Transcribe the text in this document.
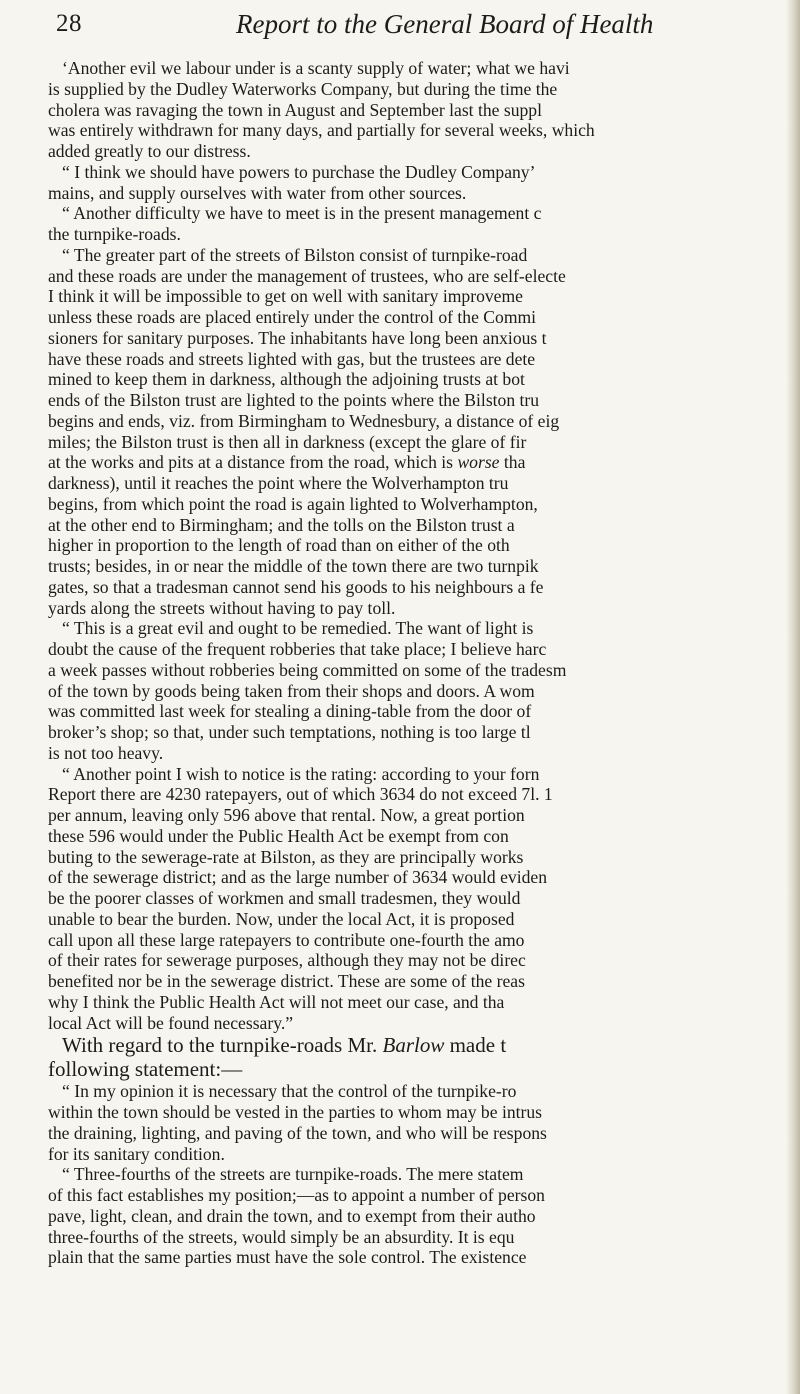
28	Report to the General Board of Health
‘Another evil we labour under is a scanty supply of water; what we havi
is supplied by the Dudley Waterworks Company, but during the time the
cholera was ravaging the town in August and September last the suppl
was entirely withdrawn for many days, and partially for several weeks, which
added greatly to our distress.
“ I think we should have powers to purchase the Dudley Company’
mains, and supply ourselves with water from other sources.
“ Another difficulty we have to meet is in the present management c
the turnpike-roads.
“ The greater part of the streets of Bilston consist of turnpike-road
and these roads are under the management of trustees, who are self-electe
I think it will be impossible to get on well with sanitary improveme
unless these roads are placed entirely under the control of the Commi
sioners for sanitary purposes. The inhabitants have long been anxious t
have these roads and streets lighted with gas, but the trustees are dete
mined to keep them in darkness, although the adjoining trusts at bot
ends of the Bilston trust are lighted to the points where the Bilston tru
begins and ends, viz. from Birmingham to Wednesbury, a distance of eig
miles; the Bilston trust is then all in darkness (except the glare of fir
at the works and pits at a distance from the road, which is worse tha
darkness), until it reaches the point where the Wolverhampton tru
begins, from which point the road is again lighted to Wolverhampton,
at the other end to Birmingham; and the tolls on the Bilston trust a
higher in proportion to the length of road than on either of the oth
trusts; besides, in or near the middle of the town there are two turnpik
gates, so that a tradesman cannot send his goods to his neighbours a fe
yards along the streets without having to pay toll.
“ This is a great evil and ought to be remedied. The want of light is
doubt the cause of the frequent robberies that take place; I believe harc
a week passes without robberies being committed on some of the tradesm
of the town by goods being taken from their shops and doors. A wom
was committed last week for stealing a dining-table from the door of
broker’s shop; so that, under such temptations, nothing is too large tl
is not too heavy.
“ Another point I wish to notice is the rating: according to your forn
Report there are 4230 ratepayers, out of which 3634 do not exceed 7l. 1
per annum, leaving only 596 above that rental. Now, a great portion
these 596 would under the Public Health Act be exempt from con
buting to the sewerage-rate at Bilston, as they are principally works
of the sewerage district; and as the large number of 3634 would eviden
be the poorer classes of workmen and small tradesmen, they would
unable to bear the burden. Now, under the local Act, it is proposed
call upon all these large ratepayers to contribute one-fourth the amo
of their rates for sewerage purposes, although they may not be direc
benefited nor be in the sewerage district. These are some of the reas
why I think the Public Health Act will not meet our case, and tha
local Act will be found necessary.”
With regard to the turnpike-roads Mr. Barlow made t
following statement:—
“ In my opinion it is necessary that the control of the turnpike-ro
within the town should be vested in the parties to whom may be intrus
the draining, lighting, and paving of the town, and who will be respons
for its sanitary condition.
“ Three-fourths of the streets are turnpike-roads. The mere statem
of this fact establishes my position;—as to appoint a number of person
pave, light, clean, and drain the town, and to exempt from their autho
three-fourths of the streets, would simply be an absurdity. It is equ
plain that the same parties must have the sole control. The existence
